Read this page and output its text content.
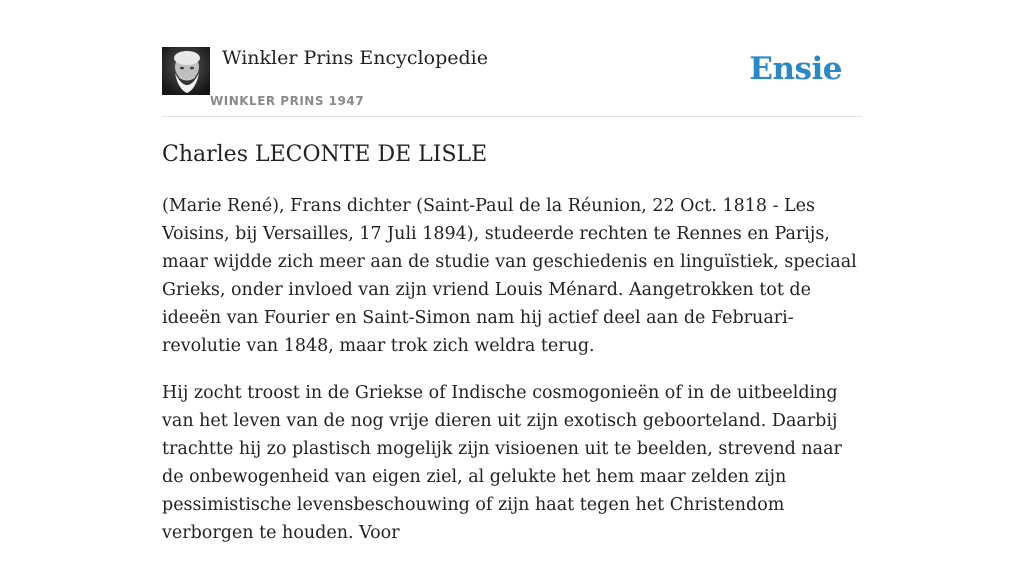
Winkler Prins Encyclopedie
WINKLER PRINS 1947
Ensie
Charles LECONTE DE LISLE

(Marie René), Frans dichter (Saint-Paul de la Réunion, 22 Oct. 1818 - Les Voisins, bij Versailles, 17 Juli 1894), studeerde rechten te Rennes en Parijs, maar wijdde zich meer aan de studie van geschiedenis en linguïstiek, speciaal Grieks, onder invloed van zijn vriend Louis Ménard. Aangetrokken tot de ideeën van Fourier en Saint-Simon nam hij actief deel aan de Februari-revolutie van 1848, maar trok zich weldra terug.

Hij zocht troost in de Griekse of Indische cosmogonieën of in de uitbeelding van het leven van de nog vrije dieren uit zijn exotisch geboorteland. Daarbij trachtte hij zo plastisch mogelijk zijn visioenen uit te beelden, strevend naar de onbewogenheid van eigen ziel, al gelukte het hem maar zelden zijn pessimistische levensbeschouwing of zijn haat tegen het Christendom verborgen te houden. Voor
